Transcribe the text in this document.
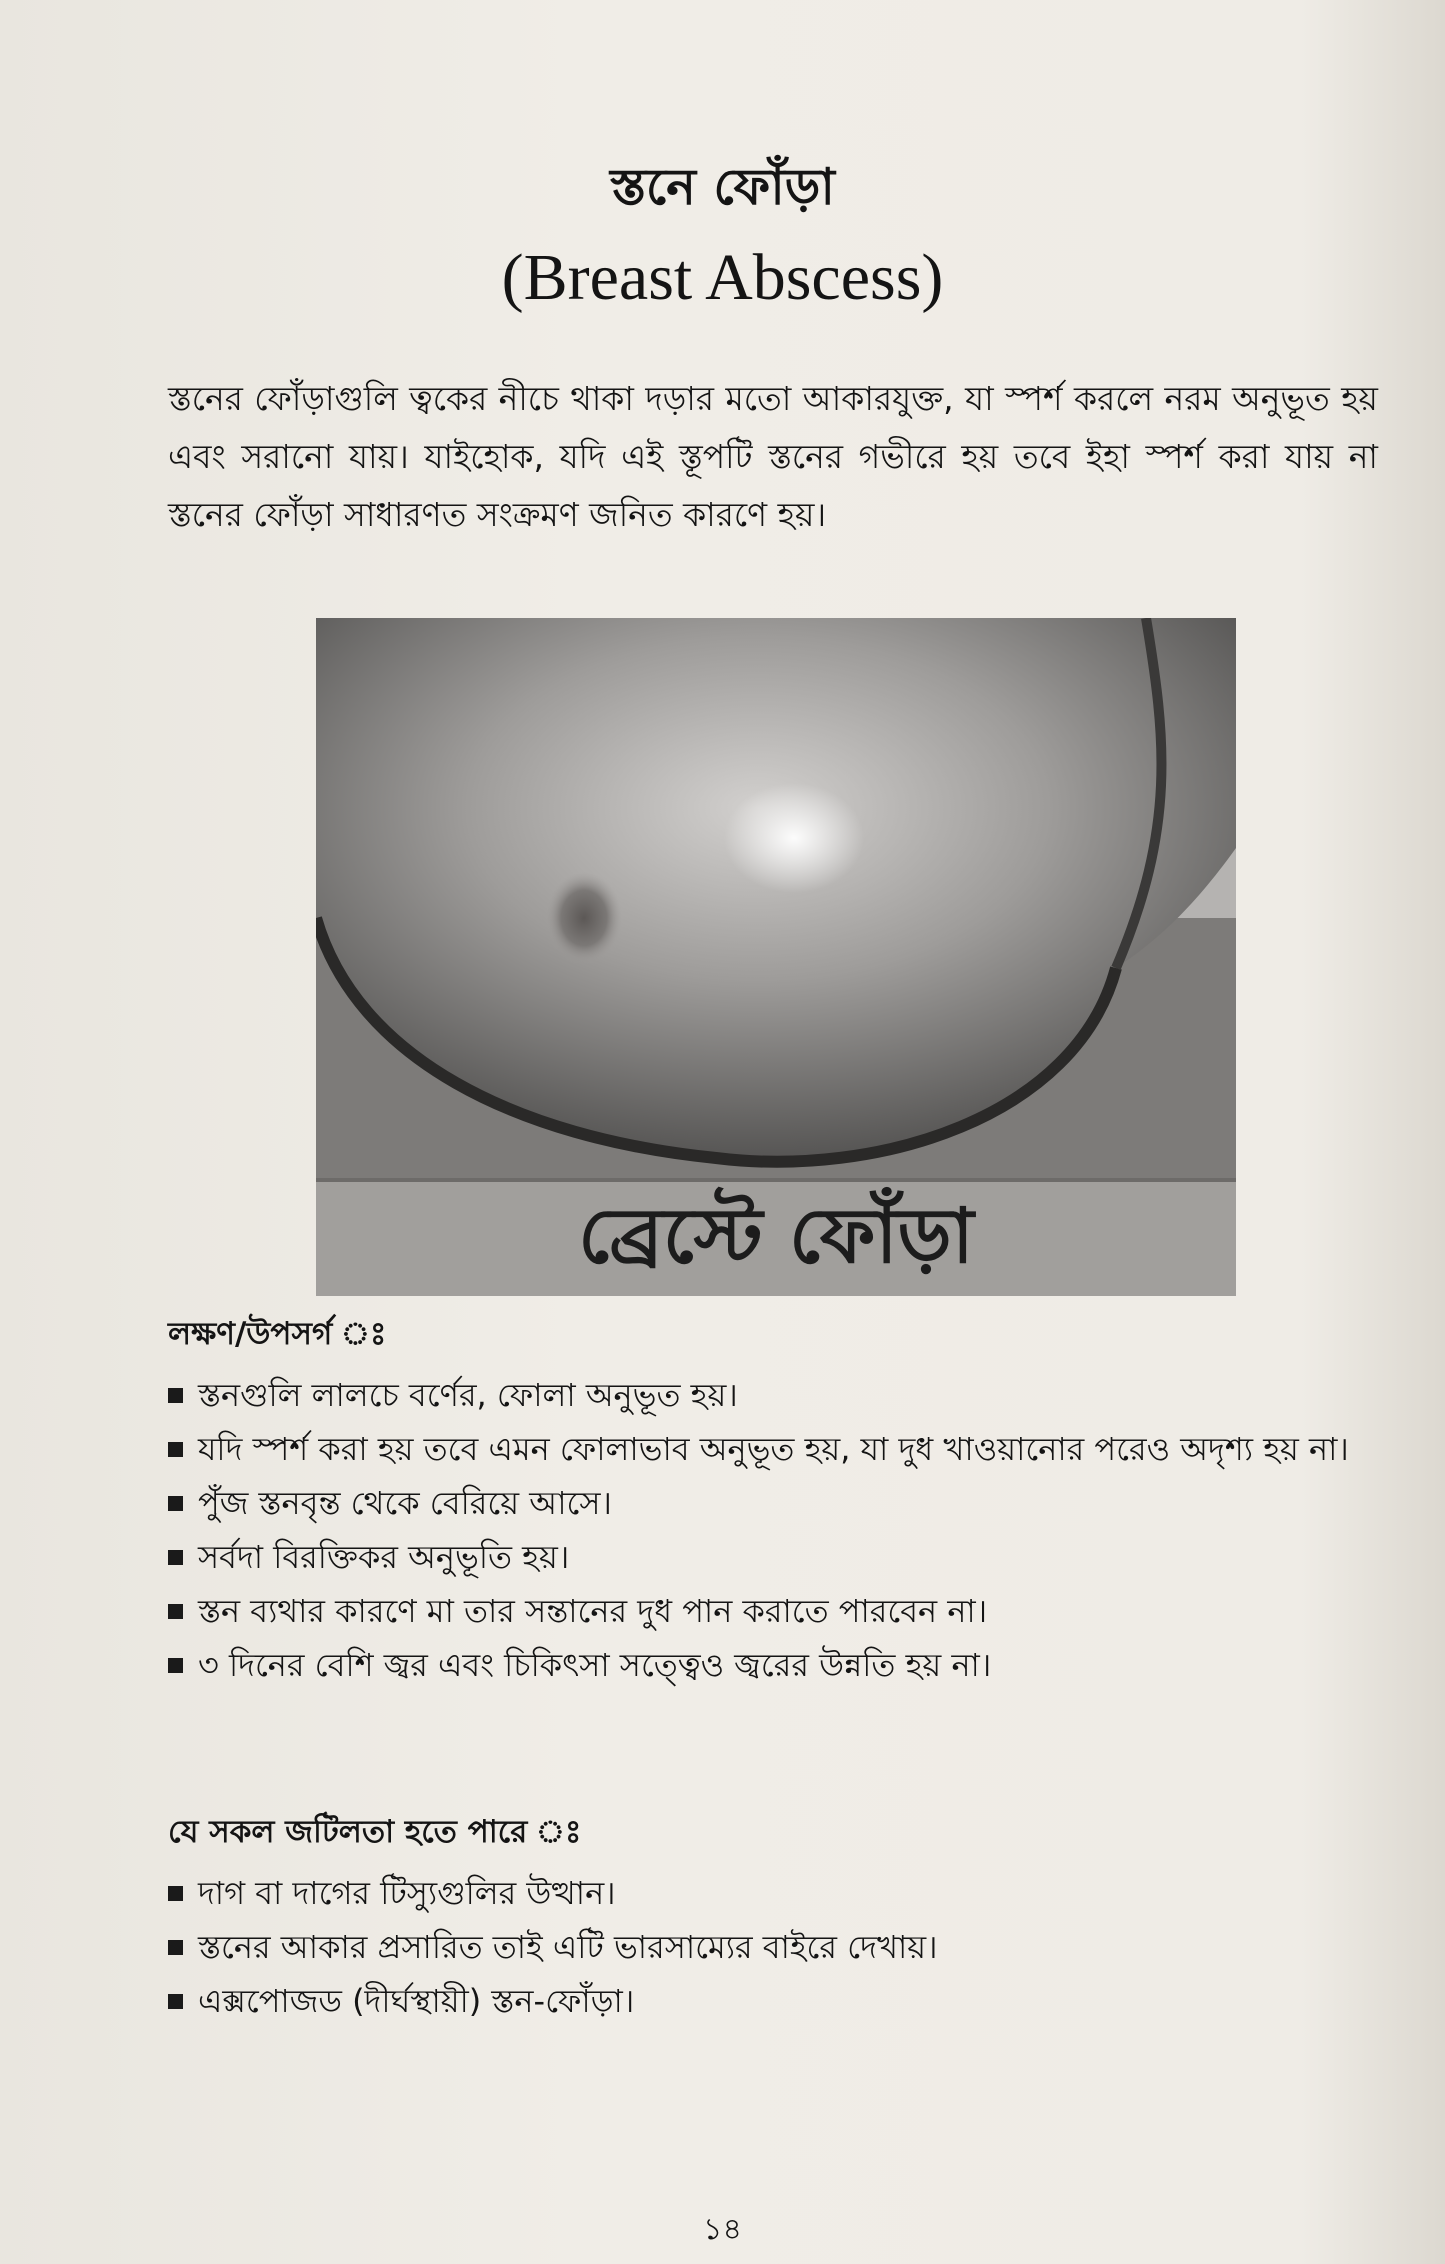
স্তনে ফোঁড়া
(Breast Abscess)

স্তনের ফোঁড়াগুলি ত্বকের নীচে থাকা দড়ার মতো আকারযুক্ত, যা স্পর্শ করলে নরম অনুভূত হয় এবং সরানো যায়। যাইহোক, যদি এই স্তূপটি স্তনের গভীরে হয় তবে ইহা স্পর্শ করা যায় না স্তনের ফোঁড়া সাধারণত সংক্রমণ জনিত কারণে হয়।

ব্রেস্টে ফোঁড়া
লক্ষণ/উপসর্গ ঃ
স্তনগুলি লালচে বর্ণের, ফোলা অনুভূত হয়।
যদি স্পর্শ করা হয় তবে এমন ফোলাভাব অনুভূত হয়, যা দুধ খাওয়ানোর পরেও অদৃশ্য হয় না।
পুঁজ স্তনবৃন্ত থেকে বেরিয়ে আসে।
সর্বদা বিরক্তিকর অনুভূতি হয়।
স্তন ব্যথার কারণে মা তার সন্তানের দুধ পান করাতে পারবেন না।
৩ দিনের বেশি জ্বর এবং চিকিৎসা সত্ত্বেও জ্বরের উন্নতি হয় না।
যে সকল জটিলতা হতে পারে ঃ
দাগ বা দাগের টিস্যুগুলির উত্থান।
স্তনের আকার প্রসারিত তাই এটি ভারসাম্যের বাইরে দেখায়।
এক্সপোজড (দীর্ঘস্থায়ী) স্তন-ফোঁড়া।
১৪
